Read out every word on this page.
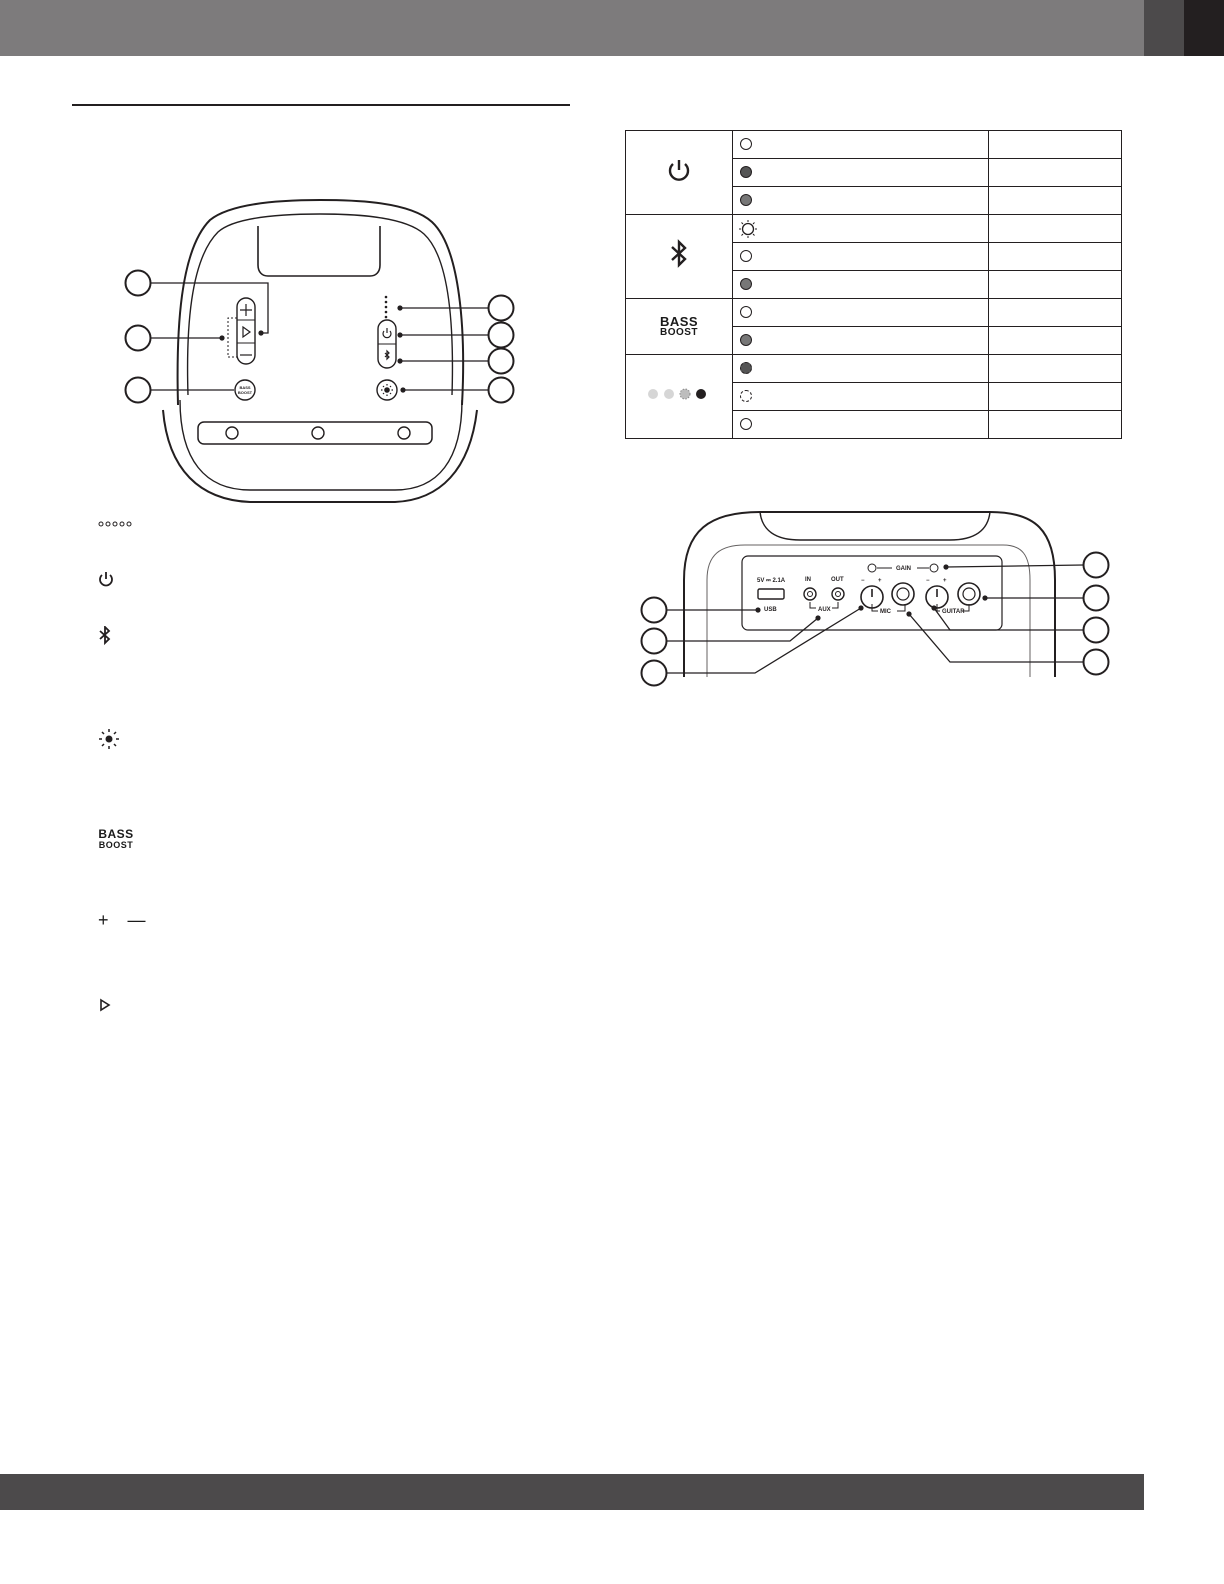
BASS
BOOST
BASS
BOOST
+ —

BASS
BOOST		

5V ⎓ 2.1A
USB
IN	OUT
AUX	MIC	GUITAR
GAIN
− +	− +
